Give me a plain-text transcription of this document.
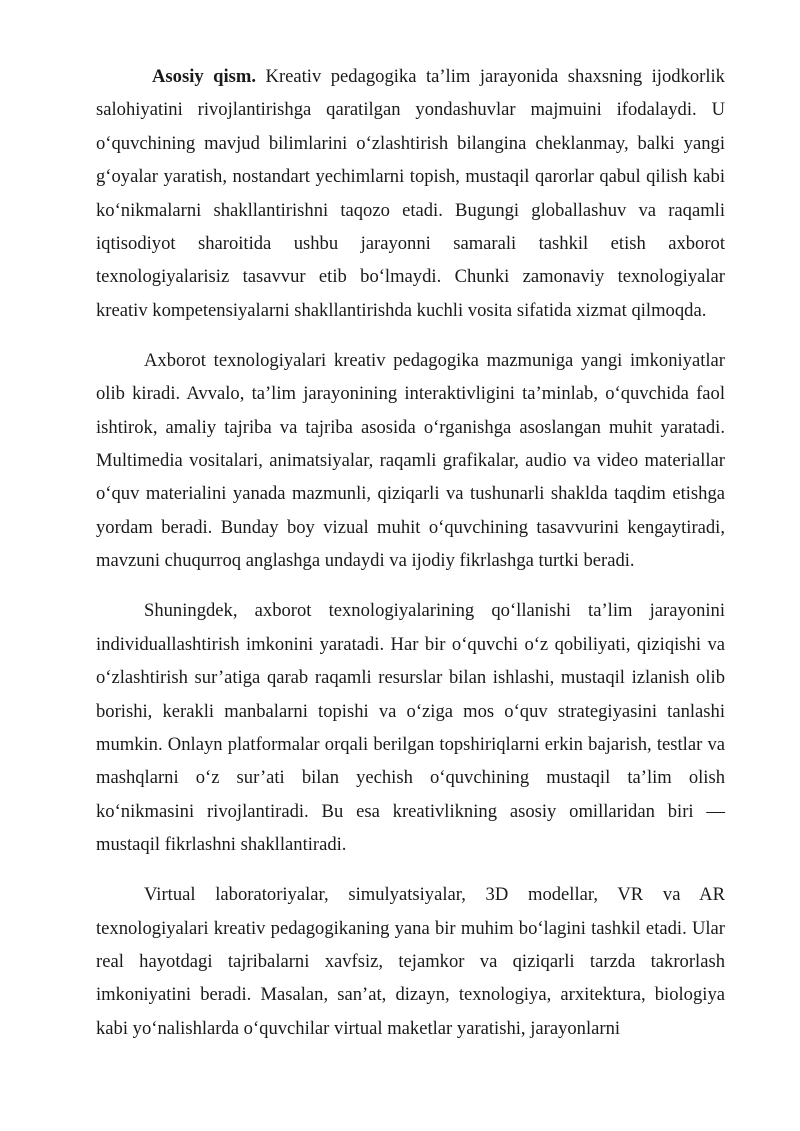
Asosiy qism. Kreativ pedagogika ta’lim jarayonida shaxsning ijodkorlik salohiyatini rivojlantirishga qaratilgan yondashuvlar majmuini ifodalaydi. U o‘quvchining mavjud bilimlarini o‘zlashtirish bilangina cheklanmay, balki yangi g‘oyalar yaratish, nostandart yechimlarni topish, mustaqil qarorlar qabul qilish kabi ko‘nikmalarni shakllantirishni taqozo etadi. Bugungi globallashuv va raqamli iqtisodiyot sharoitida ushbu jarayonni samarali tashkil etish axborot texnologiyalarisiz tasavvur etib bo‘lmaydi. Chunki zamonaviy texnologiyalar kreativ kompetensiyalarni shakllantirishda kuchli vosita sifatida xizmat qilmoqda.

Axborot texnologiyalari kreativ pedagogika mazmuniga yangi imkoniyatlar olib kiradi. Avvalo, ta’lim jarayonining interaktivligini ta’minlab, o‘quvchida faol ishtirok, amaliy tajriba va tajriba asosida o‘rganishga asoslangan muhit yaratadi. Multimedia vositalari, animatsiyalar, raqamli grafikalar, audio va video materiallar o‘quv materialini yanada mazmunli, qiziqarli va tushunarli shaklda taqdim etishga yordam beradi. Bunday boy vizual muhit o‘quvchining tasavvurini kengaytiradi, mavzuni chuqurroq anglashga undaydi va ijodiy fikrlashga turtki beradi.

Shuningdek, axborot texnologiyalarining qo‘llanishi ta’lim jarayonini individuallashtirish imkonini yaratadi. Har bir o‘quvchi o‘z qobiliyati, qiziqishi va o‘zlashtirish sur’atiga qarab raqamli resurslar bilan ishlashi, mustaqil izlanish olib borishi, kerakli manbalarni topishi va o‘ziga mos o‘quv strategiyasini tanlashi mumkin. Onlayn platformalar orqali berilgan topshiriqlarni erkin bajarish, testlar va mashqlarni o‘z sur’ati bilan yechish o‘quvchining mustaqil ta’lim olish ko‘nikmasini rivojlantiradi. Bu esa kreativlikning asosiy omillaridan biri — mustaqil fikrlashni shakllantiradi.

Virtual laboratoriyalar, simulyatsiyalar, 3D modellar, VR va AR texnologiyalari kreativ pedagogikaning yana bir muhim bo‘lagini tashkil etadi. Ular real hayotdagi tajribalarni xavfsiz, tejamkor va qiziqarli tarzda takrorlash imkoniyatini beradi. Masalan, san’at, dizayn, texnologiya, arxitektura, biologiya kabi yo‘nalishlarda o‘quvchilar virtual maketlar yaratishi, jarayonlarni
